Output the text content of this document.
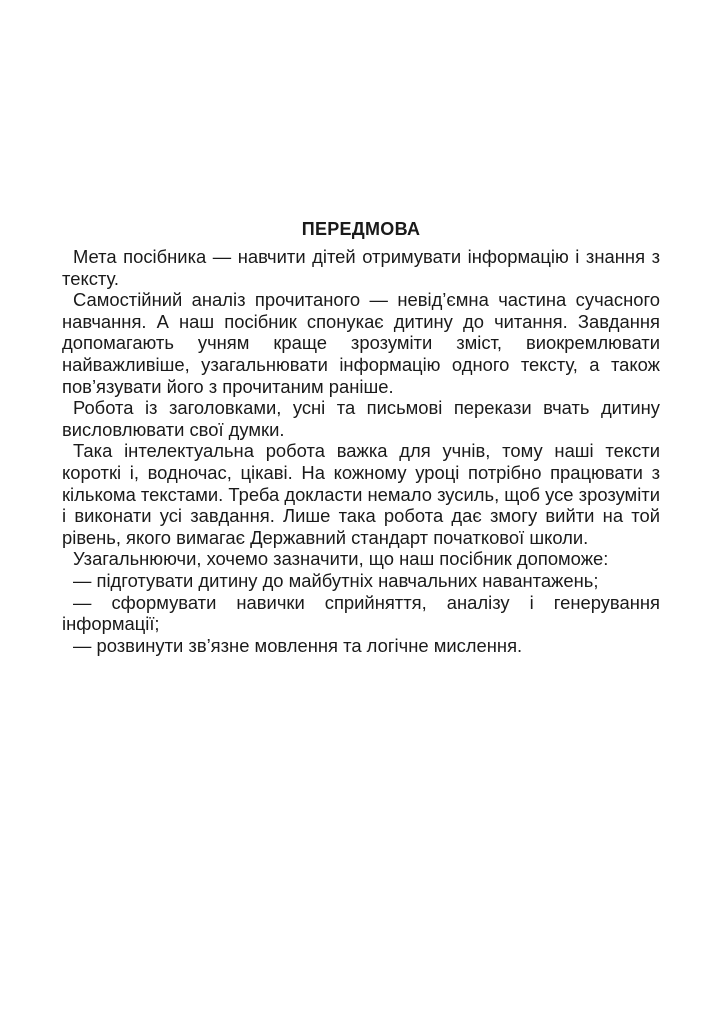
ПЕРЕДМОВА

Мета посібника — навчити дітей отримувати інформацію і знання з тексту.

Самостійний аналіз прочитаного — невід’ємна частина сучасного навчання. А наш посібник спонукає дитину до читання. Завдання допомагають учням краще зрозуміти зміст, виокремлювати найважливіше, узагальнювати інформацію одного тексту, а також пов’язувати його з прочитаним раніше.

Робота із заголовками, усні та письмові перекази вчать дитину висловлювати свої думки.

Така інтелектуальна робота важка для учнів, тому наші тексти короткі і, водночас, цікаві. На кожному уроці потрібно працювати з кількома текстами. Треба докласти немало зусиль, щоб усе зрозуміти і виконати усі завдання. Лише така робота дає змогу вийти на той рівень, якого вимагає Державний стандарт початкової школи.

Узагальнюючи, хочемо зазначити, що наш посібник допоможе:

— підготувати дитину до майбутніх навчальних навантажень;

— сформувати навички сприйняття, аналізу і генерування інформації;

— розвинути зв’язне мовлення та логічне мислення.
